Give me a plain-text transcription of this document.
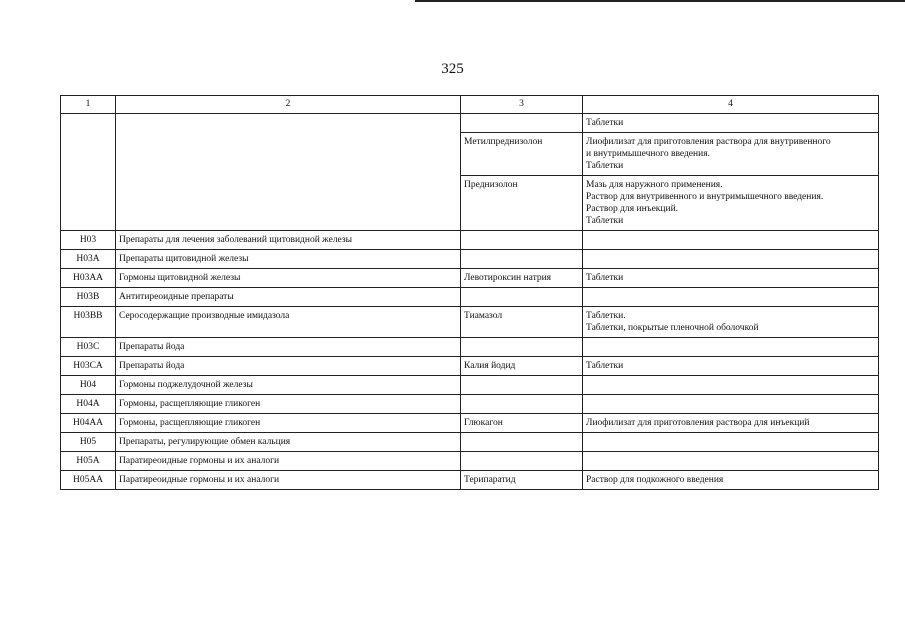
325
1	2	3	4

			Таблетки

		Метилпреднизолон	Лиофилизат для приготовления раствора для внутривенного
и внутримышечного введения.
Таблетки

		Преднизолон	Мазь для наружного применения.
Раствор для внутривенного и внутримышечного введения.
Раствор для инъекций.
Таблетки

H03	Препараты для лечения заболеваний щитовидной железы		
H03A	Препараты щитовидной железы		
H03AA	Гормоны щитовидной железы	Левотироксин натрия	Таблетки

H03B	Антитиреоидные препараты		
H03BB	Серосодержащие производные имидазола	Тиамазол	Таблетки.
Таблетки, покрытые пленочной оболочкой

H03C	Препараты йода		
H03CA	Препараты йода	Калия йодид	Таблетки

H04	Гормоны поджелудочной железы		
H04A	Гормоны, расщепляющие гликоген		
H04AA	Гормоны, расщепляющие гликоген	Глюкагон	Лиофилизат для приготовления раствора для инъекций

H05	Препараты, регулирующие обмен кальция		
H05A	Паратиреоидные гормоны и их аналоги		
H05AA	Паратиреоидные гормоны и их аналоги	Терипаратид	Раствор для подкожного введения
